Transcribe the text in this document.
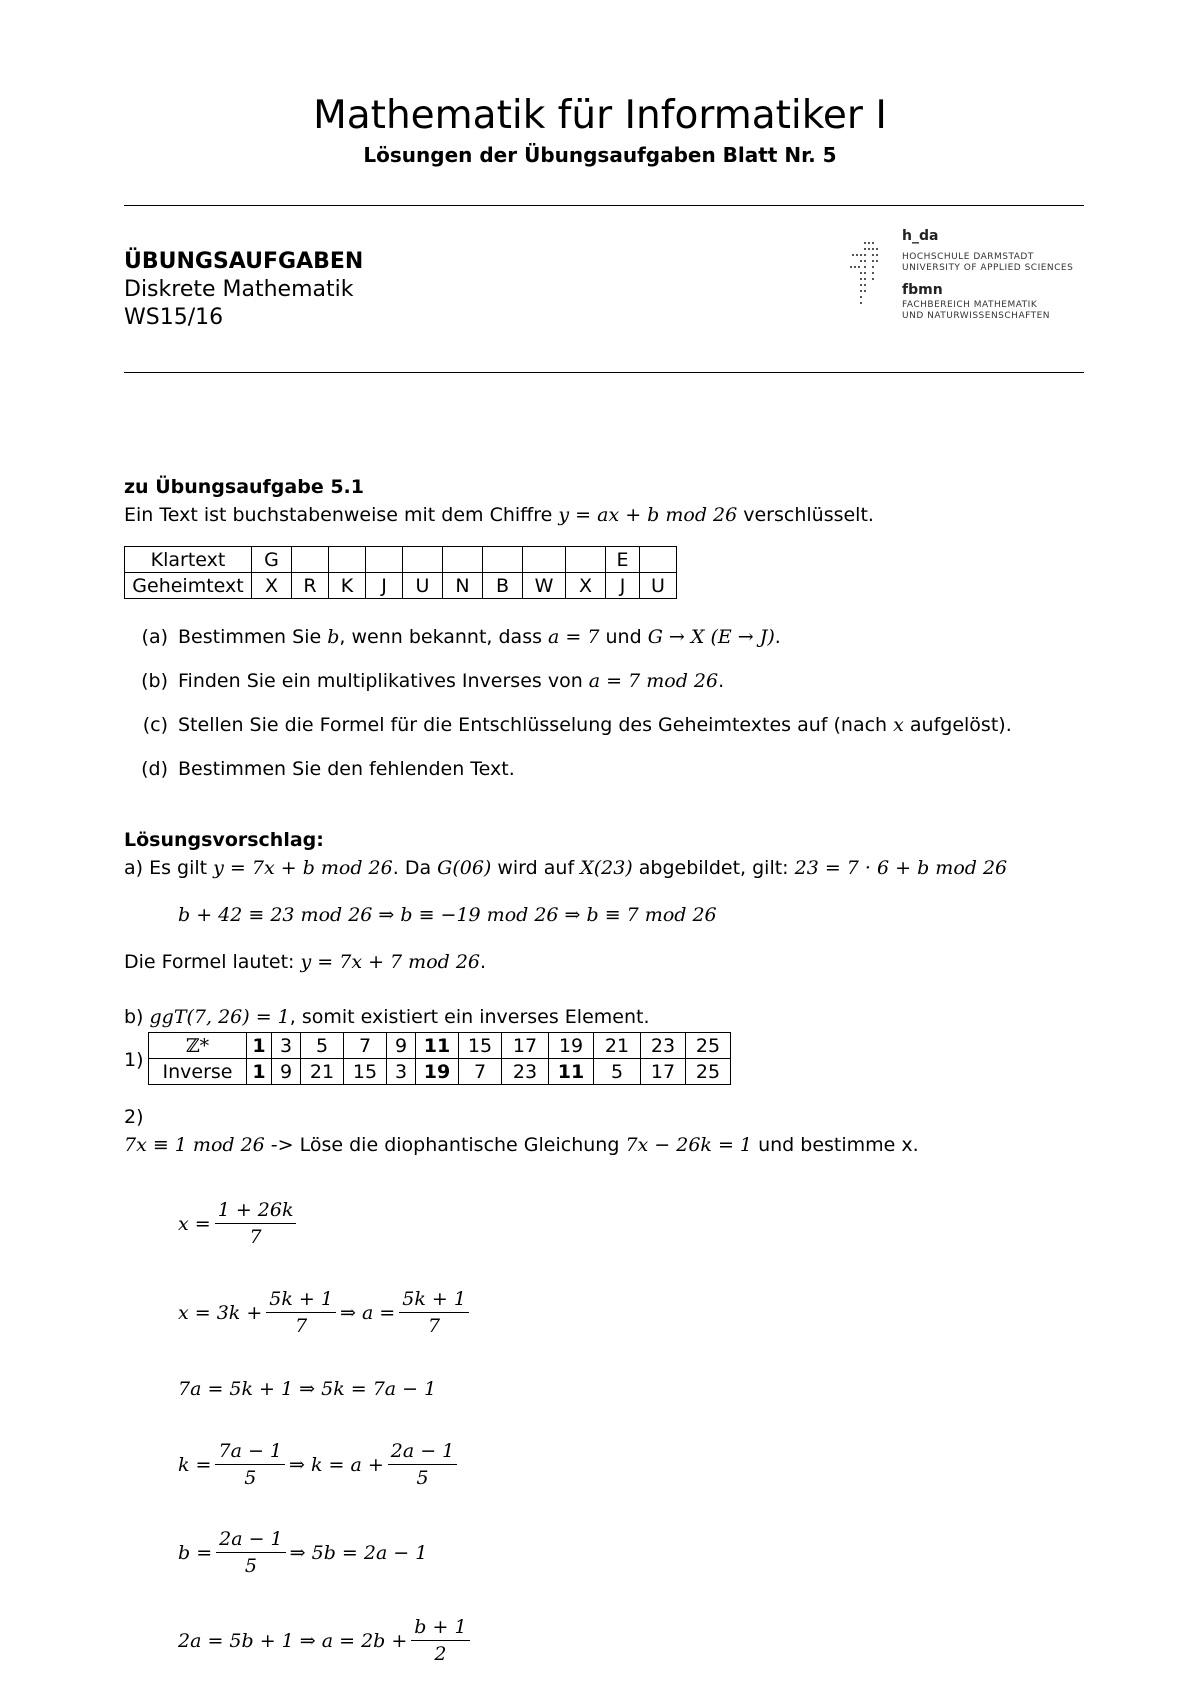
Mathematik für Informatiker I
Lösungen der Übungsaufgaben Blatt Nr. 5
ÜBUNGSAUFGABEN
Diskrete Mathematik
WS15/16
h_da
HOCHSCHULE DARMSTADT
UNIVERSITY OF APPLIED SCIENCES
fbmn
FACHBEREICH MATHEMATIK
UND NATURWISSENSCHAFTEN
zu Übungsaufgabe 5.1
Ein Text ist buchstabenweise mit dem Chiffre y = ax + b mod 26 verschlüsselt.
Klartext	G									E	
Geheimtext	X	R	K	J	U	N	B	W	X	J	U
(a) Bestimmen Sie b, wenn bekannt, dass a = 7 und G → X (E → J).
(b) Finden Sie ein multiplikatives Inverses von a = 7 mod 26.
(c) Stellen Sie die Formel für die Entschlüsselung des Geheimtextes auf (nach x aufgelöst).
(d) Bestimmen Sie den fehlenden Text.
Lösungsvorschlag:
a) Es gilt y = 7x + b mod 26. Da G(06) wird auf X(23) abgebildet, gilt: 23 = 7 · 6 + b mod 26
b + 42 ≡ 23 mod 26 ⇒ b ≡ −19 mod 26 ⇒ b ≡ 7 mod 26
Die Formel lautet: y = 7x + 7 mod 26.
b) ggT(7, 26) = 1, somit existiert ein inverses Element.
1)
ℤ*	1	3	5	7	9	11	15	17	19	21	23	25
Inverse	1	9	21	15	3	19	7	23	11	5	17	25
2)
7x ≡ 1 mod 26 -> Löse die diophantische Gleichung 7x − 26k = 1 und bestimme x.
$x = \frac{1 + 26k}{7}$
$x = 3k + \frac{5k + 1}{7}$ ⇒ $a = \frac{5k + 1}{7}$
7a = 5k + 1 ⇒ 5k = 7a − 1
$k = \frac{7a - 1}{5}$ ⇒ $k = a + \frac{2a - 1}{5}$
$b = \frac{2a - 1}{5}$ ⇒ 5b = 2a − 1
2a = 5b + 1 ⇒ $a = 2b + \frac{b + 1}{2}$
